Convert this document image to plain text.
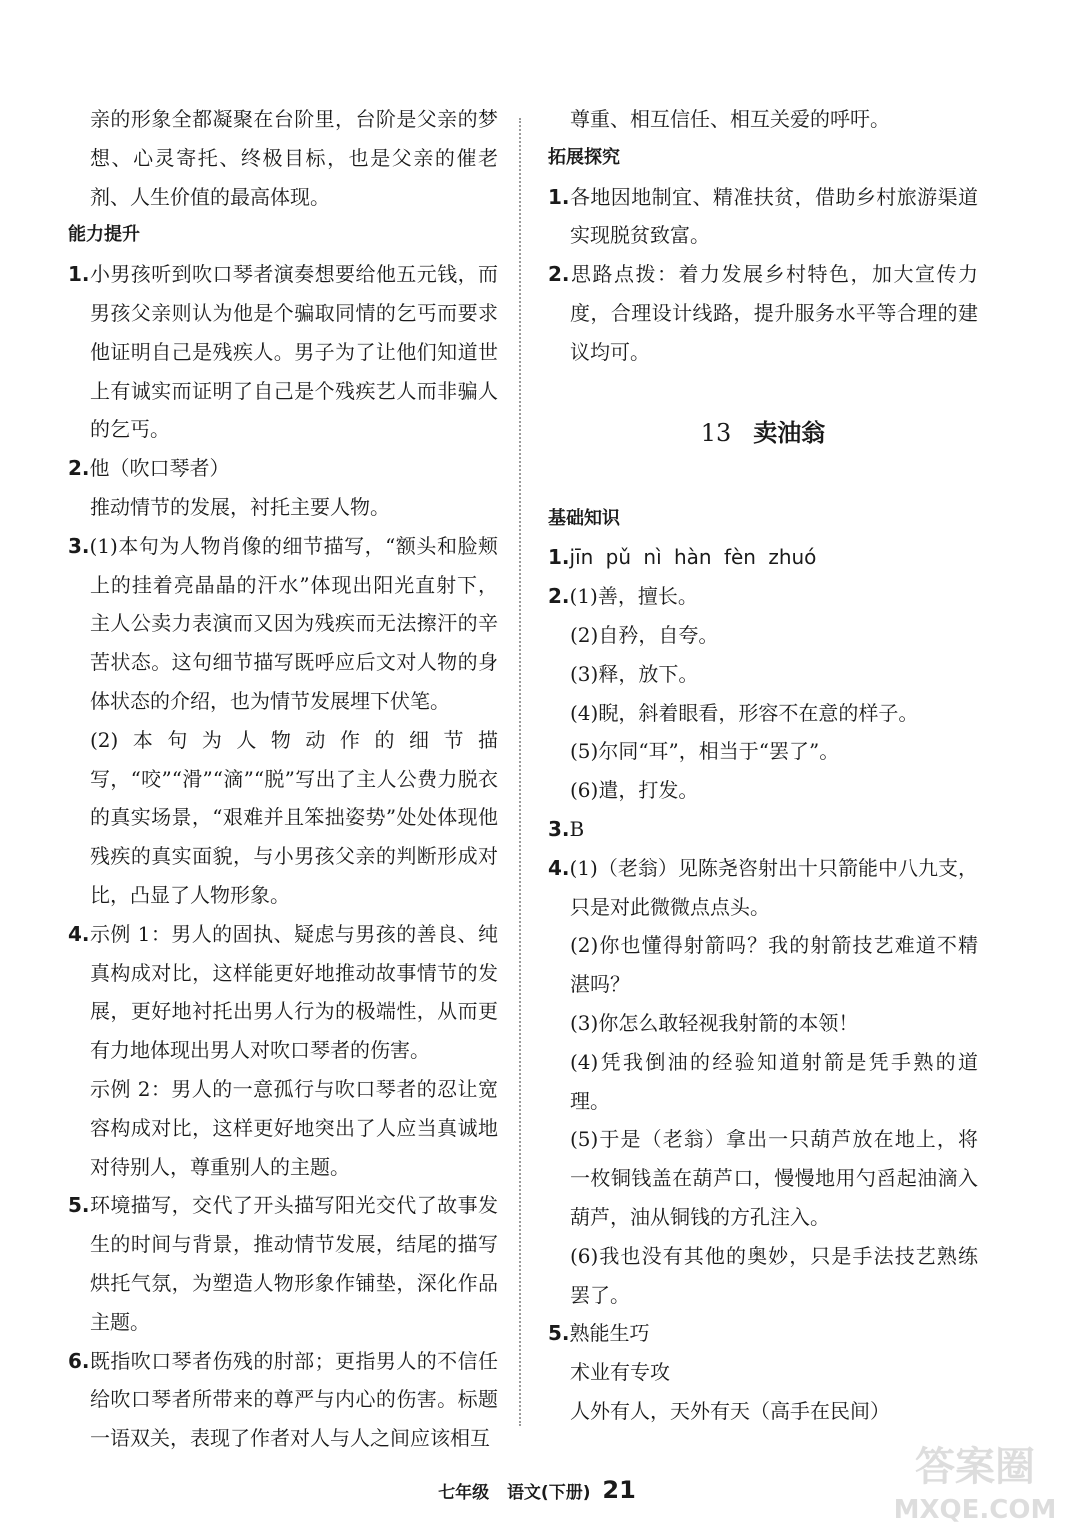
亲的形象全都凝聚在台阶里，台阶是父亲的梦想、心灵寄托、终极目标，也是父亲的催老剂、人生价值的最高体现。

能力提升

1.小男孩听到吹口琴者演奏想要给他五元钱，而男孩父亲则认为他是个骗取同情的乞丐而要求他证明自己是残疾人。男子为了让他们知道世上有诚实而证明了自己是个残疾艺人而非骗人的乞丐。

2.他（吹口琴者）

推动情节的发展，衬托主要人物。

3.(1)本句为人物肖像的细节描写，“额头和脸颊上的挂着亮晶晶的汗水”体现出阳光直射下，主人公卖力表演而又因为残疾而无法擦汗的辛苦状态。这句细节描写既呼应后文对人物的身体状态的介绍，也为情节发展埋下伏笔。

(2)本句为人物动作的细节描写，“咬”“滑”“滴”“脱”写出了主人公费力脱衣的真实场景，“艰难并且笨拙姿势”处处体现他残疾的真实面貌，与小男孩父亲的判断形成对比，凸显了人物形象。

4.示例 1：男人的固执、疑虑与男孩的善良、纯真构成对比，这样能更好地推动故事情节的发展，更好地衬托出男人行为的极端性，从而更有力地体现出男人对吹口琴者的伤害。

示例 2：男人的一意孤行与吹口琴者的忍让宽容构成对比，这样更好地突出了人应当真诚地对待别人，尊重别人的主题。

5.环境描写，交代了开头描写阳光交代了故事发生的时间与背景，推动情节发展，结尾的描写烘托气氛，为塑造人物形象作铺垫，深化作品主题。

6.既指吹口琴者伤残的肘部；更指男人的不信任给吹口琴者所带来的尊严与内心的伤害。标题一语双关，表现了作者对人与人之间应该相互

尊重、相互信任、相互关爱的呼吁。

拓展探究

1.各地因地制宜、精准扶贫，借助乡村旅游渠道实现脱贫致富。

2.思路点拨：着力发展乡村特色，加大宣传力度，合理设计线路，提升服务水平等合理的建议均可。

13 卖油翁

基础知识

1.jīn pǔ nì hàn fèn zhuó

2.(1)善，擅长。

(2)自矜，自夸。

(3)释，放下。

(4)睨，斜着眼看，形容不在意的样子。

(5)尔同“耳”，相当于“罢了”。

(6)遣，打发。

3.B

4.(1)（老翁）见陈尧咨射出十只箭能中八九支，只是对此微微点点头。

(2)你也懂得射箭吗？我的射箭技艺难道不精湛吗？

(3)你怎么敢轻视我射箭的本领！

(4)凭我倒油的经验知道射箭是凭手熟的道理。

(5)于是（老翁）拿出一只葫芦放在地上，将一枚铜钱盖在葫芦口，慢慢地用勺舀起油滴入葫芦，油从铜钱的方孔注入。

(6)我也没有其他的奥妙，只是手法技艺熟练罢了。

5.熟能生巧

术业有专攻

人外有人，天外有天（高手在民间）

七年级 语文(下册) 21	答案圈
MXQE.COM
